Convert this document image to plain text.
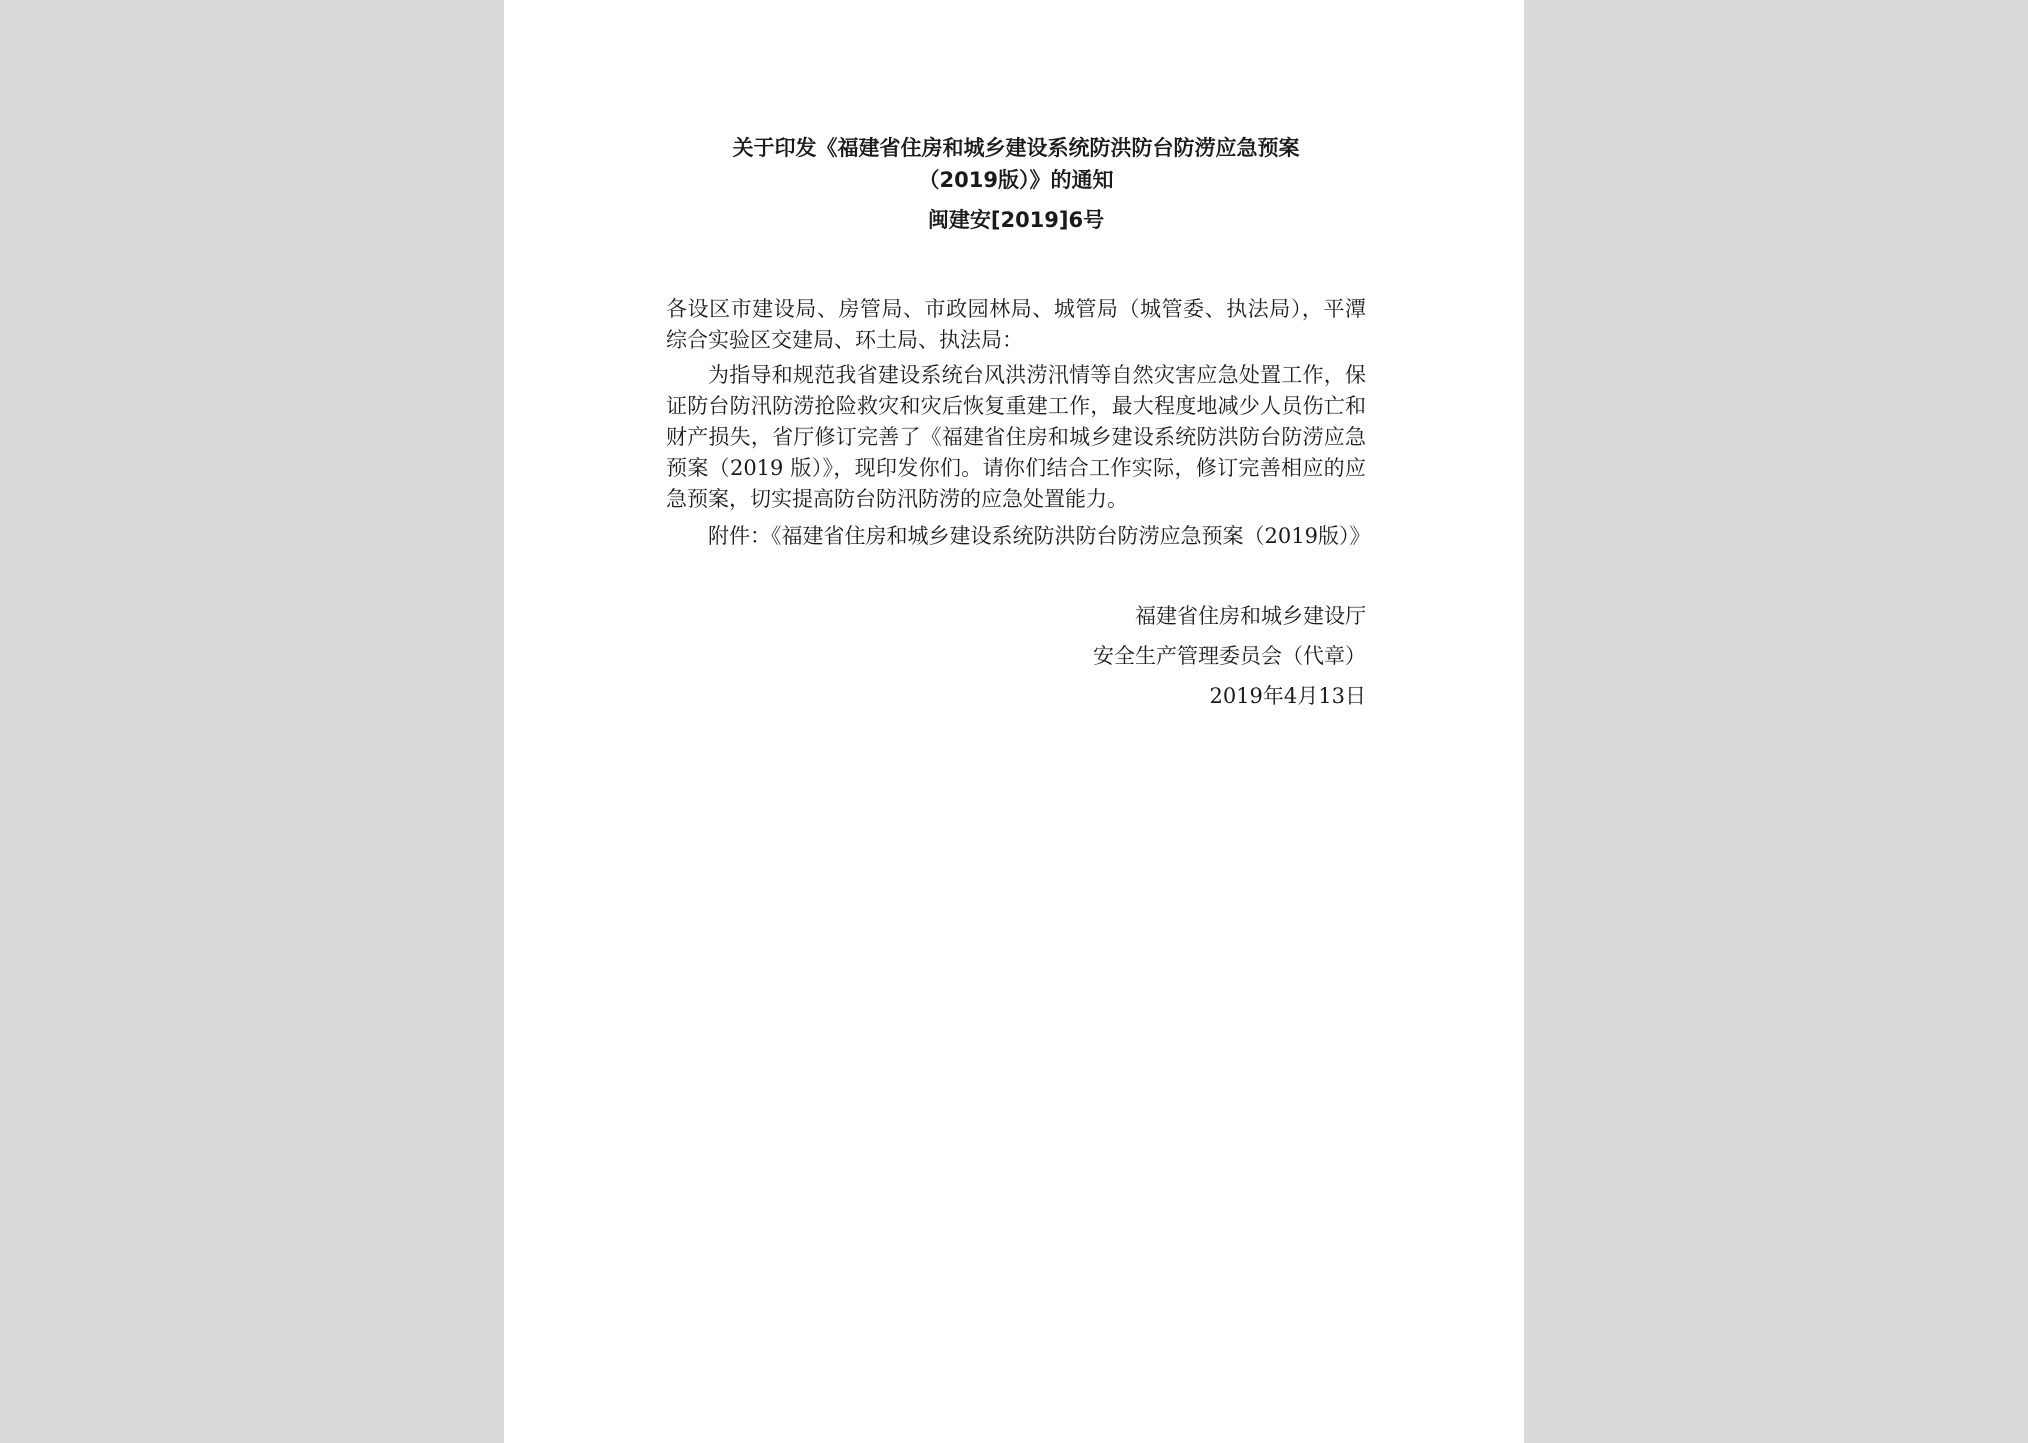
关于印发《福建省住房和城乡建设系统防洪防台防涝应急预案

（2019版）》的通知

闽建安[2019]6号

各设区市建设局、房管局、市政园林局、城管局（城管委、执法局），平潭综合实验区交建局、环土局、执法局：

为指导和规范我省建设系统台风洪涝汛情等自然灾害应急处置工作，保证防台防汛防涝抢险救灾和灾后恢复重建工作，最大程度地减少人员伤亡和财产损失，省厅修订完善了《福建省住房和城乡建设系统防洪防台防涝应急预案（2019 版）》，现印发你们。请你们结合工作实际，修订完善相应的应急预案，切实提高防台防汛防涝的应急处置能力。

附件：《福建省住房和城乡建设系统防洪防台防涝应急预案（2019版）》

福建省住房和城乡建设厅
安全生产管理委员会（代章）
2019年4月13日
